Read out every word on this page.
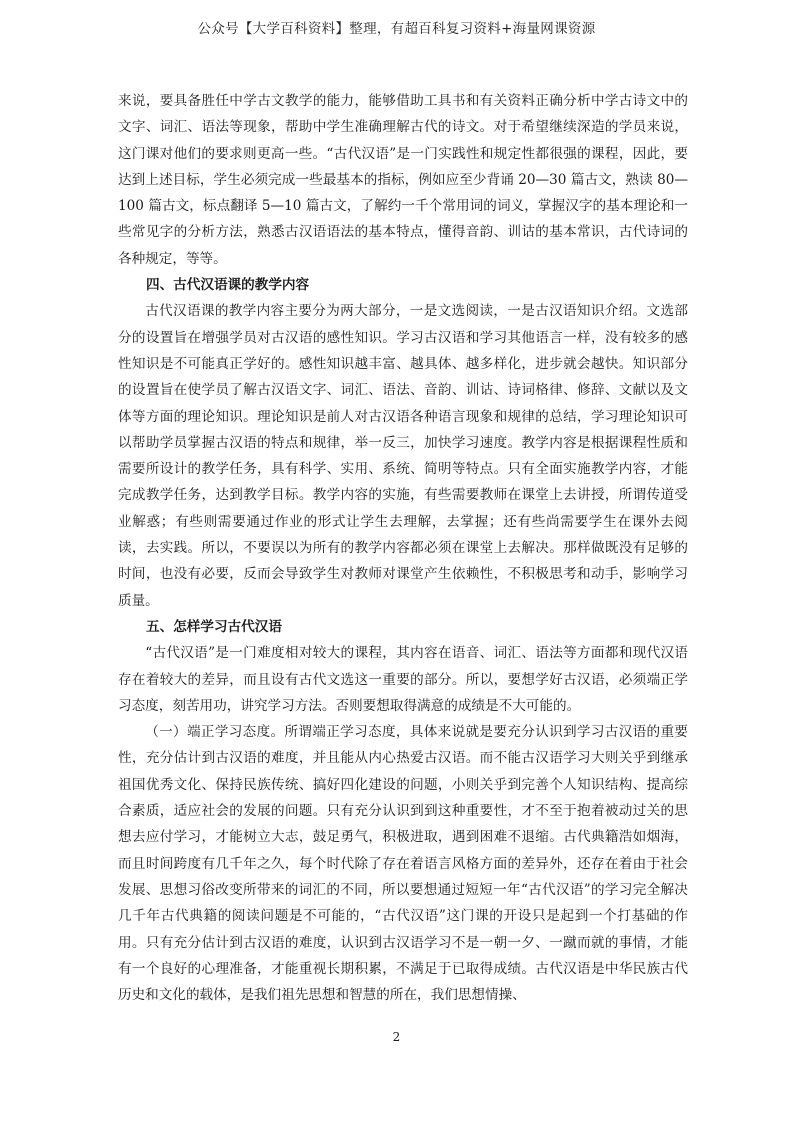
公众号【大学百科资料】整理，有超百科复习资料+海量网课资源

来说，要具备胜任中学古文教学的能力，能够借助工具书和有关资料正确分析中学古诗文中的文字、词汇、语法等现象，帮助中学生准确理解古代的诗文。对于希望继续深造的学员来说，这门课对他们的要求则更高一些。“古代汉语”是一门实践性和规定性都很强的课程，因此，要达到上述目标，学生必须完成一些最基本的指标，例如应至少背诵 20—30 篇古文，熟读 80—100 篇古文，标点翻译 5—10 篇古文，了解约一千个常用词的词义，掌握汉字的基本理论和一些常见字的分析方法，熟悉古汉语语法的基本特点，懂得音韵、训诂的基本常识，古代诗词的各种规定，等等。

四、古代汉语课的教学内容

古代汉语课的教学内容主要分为两大部分，一是文选阅读，一是古汉语知识介绍。文选部分的设置旨在增强学员对古汉语的感性知识。学习古汉语和学习其他语言一样，没有较多的感性知识是不可能真正学好的。感性知识越丰富、越具体、越多样化，进步就会越快。知识部分的设置旨在使学员了解古汉语文字、词汇、语法、音韵、训诂、诗词格律、修辞、文献以及文体等方面的理论知识。理论知识是前人对古汉语各种语言现象和规律的总结，学习理论知识可以帮助学员掌握古汉语的特点和规律，举一反三，加快学习速度。教学内容是根据课程性质和需要所设计的教学任务，具有科学、实用、系统、简明等特点。只有全面实施教学内容，才能完成教学任务，达到教学目标。教学内容的实施，有些需要教师在课堂上去讲授，所谓传道受业解惑；有些则需要通过作业的形式让学生去理解，去掌握；还有些尚需要学生在课外去阅读，去实践。所以，不要误以为所有的教学内容都必须在课堂上去解决。那样做既没有足够的时间，也没有必要，反而会导致学生对教师对课堂产生依赖性，不积极思考和动手，影响学习质量。

五、怎样学习古代汉语

“古代汉语”是一门难度相对较大的课程，其内容在语音、词汇、语法等方面都和现代汉语存在着较大的差异，而且设有古代文选这一重要的部分。所以，要想学好古汉语，必须端正学习态度，刻苦用功，讲究学习方法。否则要想取得满意的成绩是不大可能的。

（一）端正学习态度。所谓端正学习态度，具体来说就是要充分认识到学习古汉语的重要性，充分估计到古汉语的难度，并且能从内心热爱古汉语。而不能古汉语学习大则关乎到继承祖国优秀文化、保持民族传统、搞好四化建设的问题，小则关乎到完善个人知识结构、提高综合素质，适应社会的发展的问题。只有充分认识到到这种重要性，才不至于抱着被动过关的思想去应付学习，才能树立大志，鼓足勇气，积极进取，遇到困难不退缩。古代典籍浩如烟海，而且时间跨度有几千年之久，每个时代除了存在着语言风格方面的差异外，还存在着由于社会发展、思想习俗改变所带来的词汇的不同，所以要想通过短短一年“古代汉语”的学习完全解决几千年古代典籍的阅读问题是不可能的，“古代汉语”这门课的开设只是起到一个打基础的作用。只有充分估计到古汉语的难度，认识到古汉语学习不是一朝一夕、一蹴而就的事情，才能有一个良好的心理准备，才能重视长期积累，不满足于已取得成绩。古代汉语是中华民族古代历史和文化的载体，是我们祖先思想和智慧的所在，我们思想情操、

2
